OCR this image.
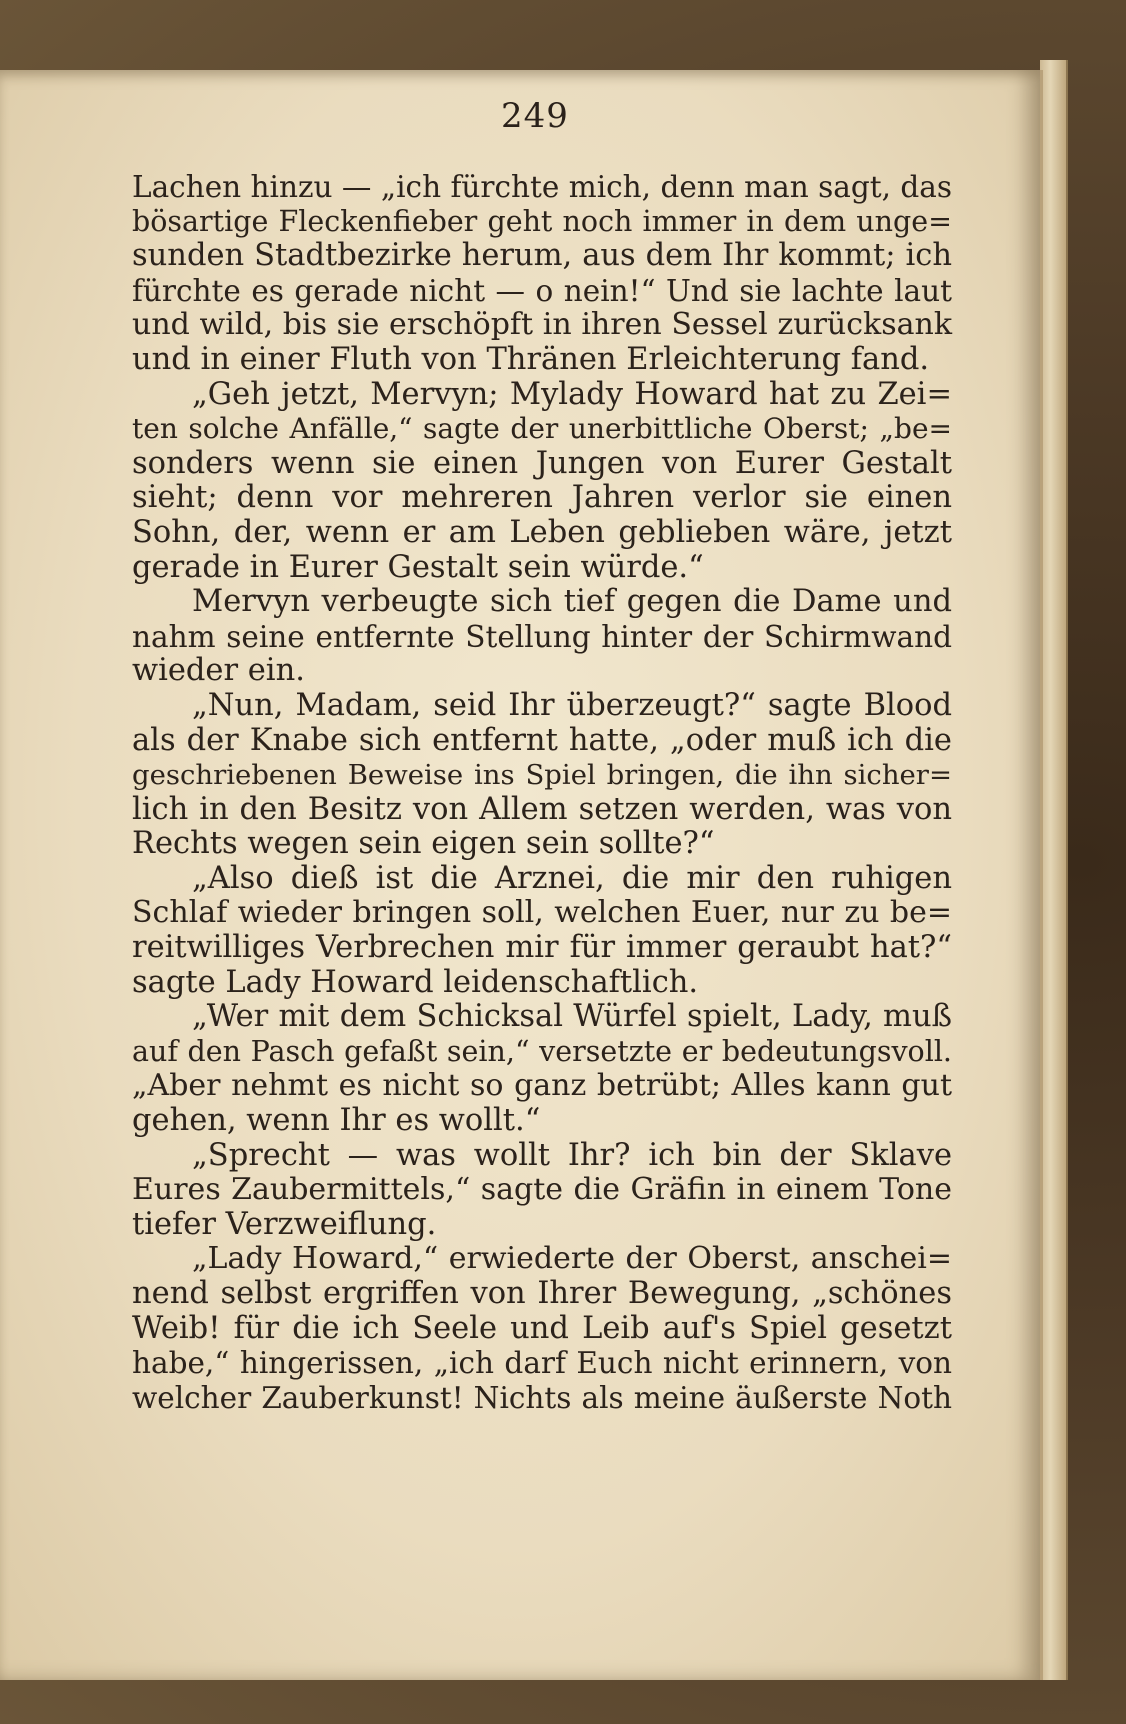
249
Lachen hinzu — „ich fürchte mich, denn man sagt, das
bösartige Fleckenfieber geht noch immer in dem unge=
sunden Stadtbezirke herum, aus dem Ihr kommt; ich
fürchte es gerade nicht — o nein!“ Und sie lachte laut
und wild, bis sie erschöpft in ihren Sessel zurücksank
und in einer Fluth von Thränen Erleichterung fand.
„Geh jetzt, Mervyn; Mylady Howard hat zu Zei=
ten solche Anfälle,“ sagte der unerbittliche Oberst; „be=
sonders wenn sie einen Jungen von Eurer Gestalt
sieht; denn vor mehreren Jahren verlor sie einen
Sohn, der, wenn er am Leben geblieben wäre, jetzt
gerade in Eurer Gestalt sein würde.“
Mervyn verbeugte sich tief gegen die Dame und
nahm seine entfernte Stellung hinter der Schirmwand
wieder ein.
„Nun, Madam, seid Ihr überzeugt?“ sagte Blood
als der Knabe sich entfernt hatte, „oder muß ich die
geschriebenen Beweise ins Spiel bringen, die ihn sicher=
lich in den Besitz von Allem setzen werden, was von
Rechts wegen sein eigen sein sollte?“
„Also dieß ist die Arznei, die mir den ruhigen
Schlaf wieder bringen soll, welchen Euer, nur zu be=
reitwilliges Verbrechen mir für immer geraubt hat?“
sagte Lady Howard leidenschaftlich.
„Wer mit dem Schicksal Würfel spielt, Lady, muß
auf den Pasch gefaßt sein,“ versetzte er bedeutungsvoll.
„Aber nehmt es nicht so ganz betrübt; Alles kann gut
gehen, wenn Ihr es wollt.“
„Sprecht — was wollt Ihr? ich bin der Sklave
Eures Zaubermittels,“ sagte die Gräfin in einem Tone
tiefer Verzweiflung.
„Lady Howard,“ erwiederte der Oberst, anschei=
nend selbst ergriffen von Ihrer Bewegung, „schönes
Weib! für die ich Seele und Leib auf's Spiel gesetzt
habe,“ hingerissen, „ich darf Euch nicht erinnern, von
welcher Zauberkunst! Nichts als meine äußerste Noth
